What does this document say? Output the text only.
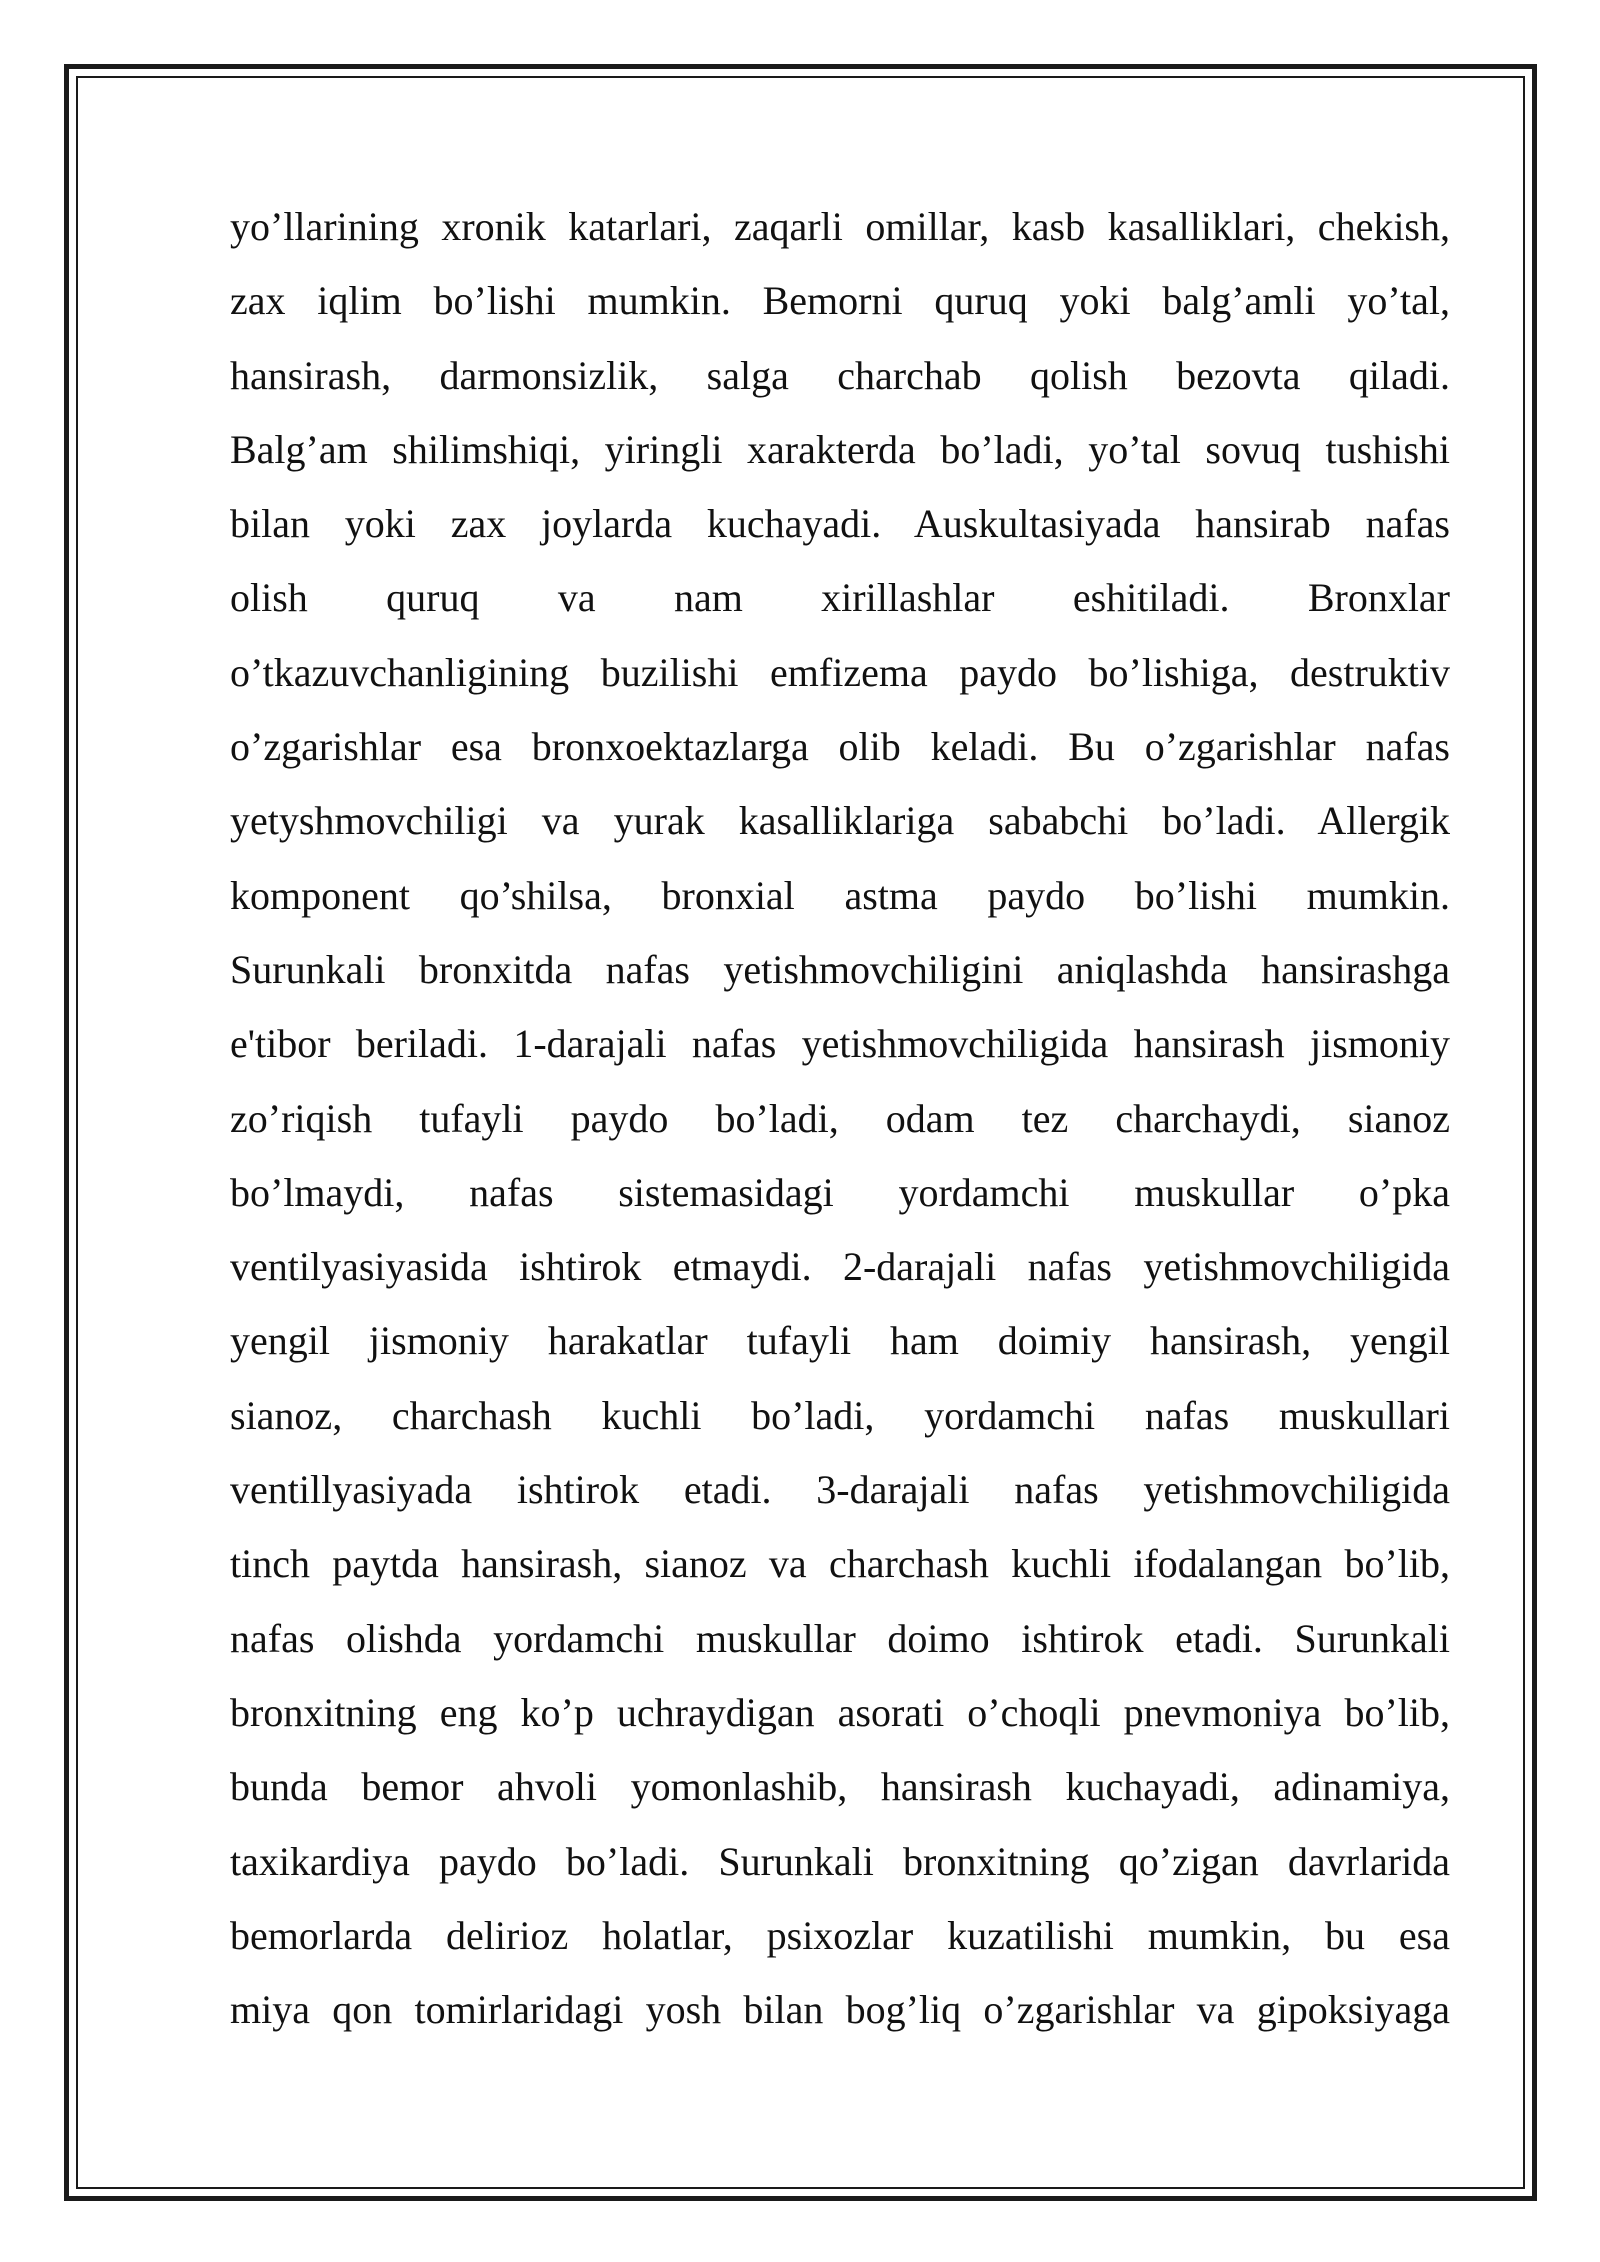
yo’llarining xronik katarlari, zaqarli omillar, kasb kasalliklari, chekish,
zax iqlim bo’lishi mumkin. Bemorni quruq yoki balg’amli yo’tal,
hansirash, darmonsizlik, salga charchab qolish bezovta qiladi.
Balg’am shilimshiqi, yiringli xarakterda bo’ladi, yo’tal sovuq tushishi
bilan yoki zax joylarda kuchayadi. Auskultasiyada hansirab nafas
olish quruq va nam xirillashlar eshitiladi. Bronxlar
o’tkazuvchanligining buzilishi emfizema paydo bo’lishiga, destruktiv
o’zgarishlar esa bronxoektazlarga olib keladi. Bu o’zgarishlar nafas
yetyshmovchiligi va yurak kasalliklariga sababchi bo’ladi. Allergik
komponent qo’shilsa, bronxial astma paydo bo’lishi mumkin.
Surunkali bronxitda nafas yetishmovchiligini aniqlashda hansirashga
e'tibor beriladi. 1-darajali nafas yetishmovchiligida hansirash jismoniy
zo’riqish tufayli paydo bo’ladi, odam tez charchaydi, sianoz
bo’lmaydi, nafas sistemasidagi yordamchi muskullar o’pka
ventilyasiyasida ishtirok etmaydi. 2-darajali nafas yetishmovchiligida
yengil jismoniy harakatlar tufayli ham doimiy hansirash, yengil
sianoz, charchash kuchli bo’ladi, yordamchi nafas muskullari
ventillyasiyada ishtirok etadi. 3-darajali nafas yetishmovchiligida
tinch paytda hansirash, sianoz va charchash kuchli ifodalangan bo’lib,
nafas olishda yordamchi muskullar doimo ishtirok etadi. Surunkali
bronxitning eng ko’p uchraydigan asorati o’choqli pnevmoniya bo’lib,
bunda bemor ahvoli yomonlashib, hansirash kuchayadi, adinamiya,
taxikardiya paydo bo’ladi. Surunkali bronxitning qo’zigan davrlarida
bemorlarda delirioz holatlar, psixozlar kuzatilishi mumkin, bu esa
miya qon tomirlaridagi yosh bilan bog’liq o’zgarishlar va gipoksiyaga
